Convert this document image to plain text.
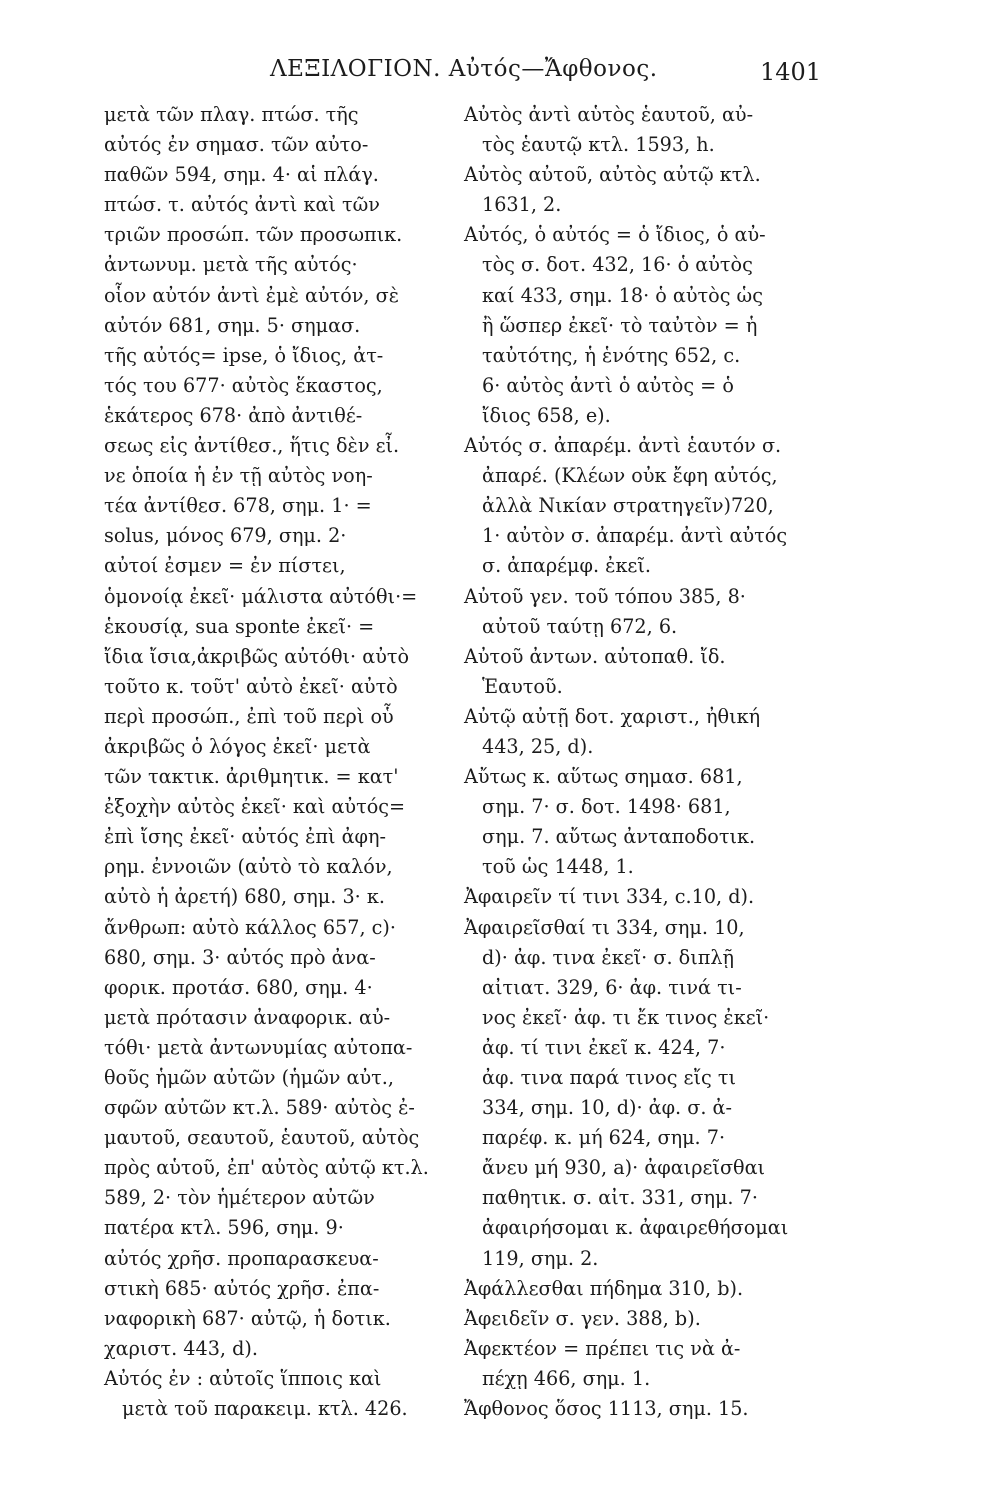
ΛΕΞΙΛΟΓΙΟΝ. Αὐτός—Ἄφθονος.	1401
μετὰ τῶν πλαγ. πτώσ. τῆς
αὐτός ἐν σημασ. τῶν αὐτο-
παθῶν 594, σημ. 4· αἱ πλάγ.
πτώσ. τ. αὐτός ἀντὶ καὶ τῶν
τριῶν προσώπ. τῶν προσωπικ.
ἀντωνυμ. μετὰ τῆς αὐτός·
οἷον αὐτόν ἀντὶ ἐμὲ αὐτόν, σὲ
αὐτόν 681, σημ. 5· σημασ.
τῆς αὐτός= ipse, ὁ ἴδιος, ἀτ-
τός του 677· αὐτὸς ἕκαστος,
ἑκάτερος 678· ἀπὸ ἀντιθέ-
σεως εἰς ἀντίθεσ., ἥτις δὲν εἶ.
νε ὁποία ἡ ἐν τῇ αὐτὸς νοη-
τέα ἀντίθεσ. 678, σημ. 1· =
solus, μόνος 679, σημ. 2·
αὐτοί ἐσμεν = ἐν πίστει,
ὁμονοίᾳ ἐκεῖ· μάλιστα αὐτόθι·=
ἑκουσίᾳ, sua sponte ἐκεῖ· =
ἴδια ἴσια,ἀκριβῶς αὐτόθι· αὐτὸ
τοῦτο κ. τοῦτ' αὐτὸ ἐκεῖ· αὐτὸ
περὶ προσώπ., ἐπὶ τοῦ περὶ οὗ
ἀκριβῶς ὁ λόγος ἐκεῖ· μετὰ
τῶν τακτικ. ἀριθμητικ. = κατ'
ἐξοχὴν αὐτὸς ἐκεῖ· καὶ αὐτός=
ἐπὶ ἴσης ἐκεῖ· αὐτός ἐπὶ ἀφη-
ρημ. ἐννοιῶν (αὐτὸ τὸ καλόν,
αὐτὸ ἡ ἀρετή) 680, σημ. 3· κ.
ἄνθρωπ: αὐτὸ κάλλος 657, c)·
680, σημ. 3· αὐτός πρὸ ἀνα-
φορικ. προτάσ. 680, σημ. 4·
μετὰ πρότασιν ἀναφορικ. αὐ-
τόθι· μετὰ ἀντωνυμίας αὐτοπα-
θοῦς ἡμῶν αὐτῶν (ἡμῶν αὐτ.,
σφῶν αὐτῶν κτ.λ. 589· αὐτὸς ἐ-
μαυτοῦ, σεαυτοῦ, ἑαυτοῦ, αὐτὸς
πρὸς αὑτοῦ, ἐπ' αὐτὸς αὐτῷ κτ.λ.
589, 2· τὸν ἡμέτερον αὐτῶν
πατέρα κτλ. 596, σημ. 9·
αὐτός χρῆσ. προπαρασκευα-
στικὴ 685· αὐτός χρῆσ. ἐπα-
ναφορικὴ 687· αὐτῷ, ἡ δοτικ.
χαριστ. 443, d).
Αὐτός ἐν : αὐτοῖς ἵπποις καὶ
μετὰ τοῦ παρακειμ. κτλ. 426.
Αὐτὸς ἀντὶ αὑτὸς ἑαυτοῦ, αὐ-
τὸς ἑαυτῷ κτλ. 1593, h.
Αὐτὸς αὐτοῦ, αὐτὸς αὐτῷ κτλ.
1631, 2.
Αὐτός, ὁ αὐτός = ὁ ἴδιος, ὁ αὐ-
τὸς σ. δοτ. 432, 16· ὁ αὐτὸς
καί 433, σημ. 18· ὁ αὐτὸς ὡς
ἢ ὥσπερ ἐκεῖ· τὸ ταὐτὸν = ἡ
ταὐτότης, ἡ ἑνότης 652, c.
6· αὐτὸς ἀντὶ ὁ αὐτὸς = ὁ
ἴδιος 658, e).
Αὐτός σ. ἀπαρέμ. ἀντὶ ἑαυτόν σ.
ἀπαρέ. (Κλέων οὐκ ἔφη αὐτός,
ἀλλὰ Νικίαν στρατηγεῖν)720,
1· αὐτὸν σ. ἀπαρέμ. ἀντὶ αὐτός
σ. ἀπαρέμφ. ἐκεῖ.
Αὐτοῦ γεν. τοῦ τόπου 385, 8·
αὐτοῦ ταύτῃ 672, 6.
Αὐτοῦ ἀντων. αὐτοπαθ. ἴδ.
Ἑαυτοῦ.
Αὐτῷ αὐτῇ δοτ. χαριστ., ἠθική
443, 25, d).
Αὔτως κ. αὕτως σημασ. 681,
σημ. 7· σ. δοτ. 1498· 681,
σημ. 7. αὔτως ἀνταποδοτικ.
τοῦ ὡς 1448, 1.
Ἀφαιρεῖν τί τινι 334, c.10, d).
Ἀφαιρεῖσθαί τι 334, σημ. 10,
d)· ἀφ. τινα ἐκεῖ· σ. διπλῇ
αἰτιατ. 329, 6· ἀφ. τινά τι-
νος ἐκεῖ· ἀφ. τι ἔκ τινος ἐκεῖ·
ἀφ. τί τινι ἐκεῖ κ. 424, 7·
ἀφ. τινα παρά τινος εἴς τι
334, σημ. 10, d)· ἀφ. σ. ἀ-
παρέφ. κ. μή 624, σημ. 7·
ἄνευ μή 930, a)· ἀφαιρεῖσθαι
παθητικ. σ. αἰτ. 331, σημ. 7·
ἀφαιρήσομαι κ. ἀφαιρεθήσομαι
119, σημ. 2.
Ἀφάλλεσθαι πήδημα 310, b).
Ἀφειδεῖν σ. γεν. 388, b).
Ἀφεκτέον = πρέπει τις νὰ ἀ-
πέχῃ 466, σημ. 1.
Ἄφθονος ὅσος 1113, σημ. 15.
